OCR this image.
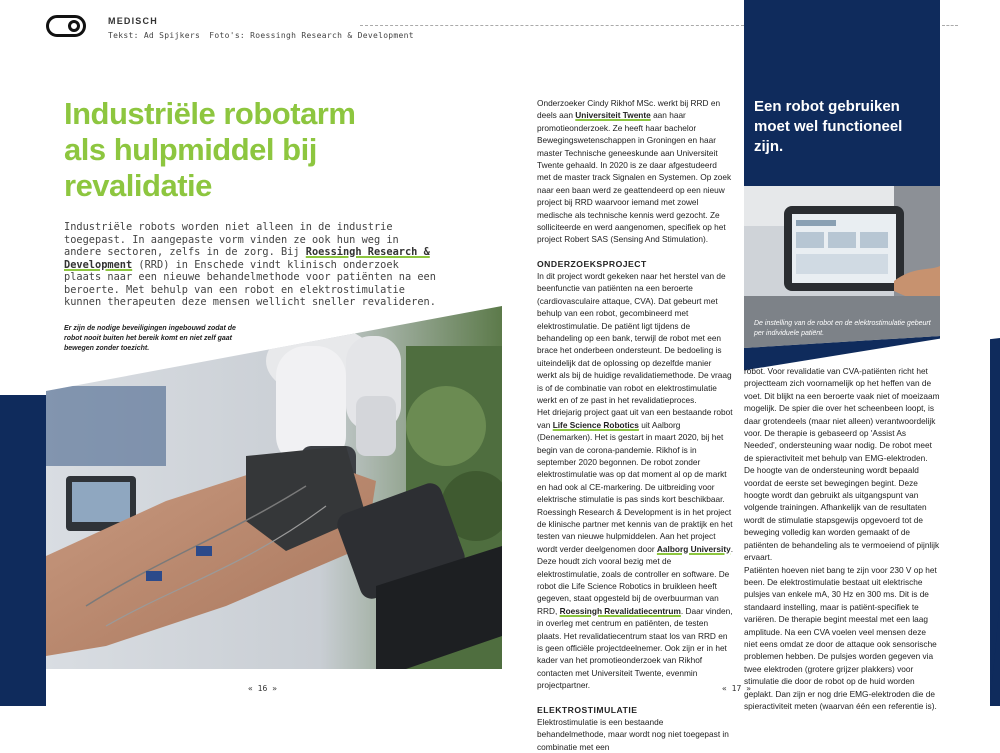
MEDISCH
Tekst: Ad Spijkers Foto's: Roessingh Research & Development
Industriële robotarm als hulpmiddel bij revalidatie

Industriële robots worden niet alleen in de industrie toegepast. In aangepaste vorm vinden ze ook hun weg in andere sectoren, zelfs in de zorg. Bij Roessingh Research & Development (RRD) in Enschede vindt klinisch onderzoek plaats naar een nieuwe behandelmethode voor patiënten na een beroerte. Met behulp van een robot en elektrostimulatie kunnen therapeuten deze mensen wellicht sneller revalideren.

Er zijn de nodige beveiligingen ingebouwd zodat de robot nooit buiten het bereik komt en niet zelf gaat bewegen zonder toezicht.

Onderzoeker Cindy Rikhof MSc. werkt bij RRD en deels aan Universiteit Twente aan haar promotieonderzoek. Ze heeft haar bachelor Bewegingswetenschappen in Groningen en haar master Technische geneeskunde aan Universiteit Twente gehaald. In 2020 is ze daar afgestudeerd met de master track Signalen en Systemen. Op zoek naar een baan werd ze geattendeerd op een nieuw project bij RRD waarvoor iemand met zowel medische als technische kennis werd gezocht. Ze solliciteerde en werd aangenomen, specifiek op het project Robert SAS (Sensing And Stimulation).

ONDERZOEKSPROJECT

In dit project wordt gekeken naar het herstel van de beenfunctie van patiënten na een beroerte (cardiovasculaire attaque, CVA). Dat gebeurt met behulp van een robot, gecombineerd met elektrostimulatie. De patiënt ligt tijdens de behandeling op een bank, terwijl de robot met een brace het onderbeen ondersteunt. De bedoeling is uiteindelijk dat de oplossing op dezelfde manier werkt als bij de huidige revalidatiemethode. De vraag is of de combinatie van robot en elektrostimulatie werkt en of ze past in het revalidatieproces.

Het driejarig project gaat uit van een bestaande robot van Life Science Robotics uit Aalborg (Denemarken). Het is gestart in maart 2020, bij het begin van de corona-pandemie. Rikhof is in september 2020 begonnen. De robot zonder elektrostimulatie was op dat moment al op de markt en had ook al CE-markering. De uitbreiding voor elektrische stimulatie is pas sinds kort beschikbaar. Roessingh Research & Development is in het project de klinische partner met kennis van de praktijk en het testen van nieuwe hulpmiddelen. Aan het project wordt verder deelgenomen door Aalborg University. Deze houdt zich vooral bezig met de elektrostimulatie, zoals de controller en software. De robot die Life Science Robotics in bruikleen heeft gegeven, staat opgesteld bij de overbuurman van RRD, Roessingh Revalidatiecentrum. Daar vinden, in overleg met centrum en patiënten, de testen plaats. Het revalidatiecentrum staat los van RRD en is geen officiële projectdeelnemer. Ook zijn er in het kader van het promotieonderzoek van Rikhof contacten met Universiteit Twente, evenmin projectpartner.

ELEKTROSTIMULATIE

Elektrostimulatie is een bestaande behandelmethode, maar wordt nog niet toegepast in combinatie met een

Een robot gebruiken moet wel functioneel zijn.

De instelling van de robot en de elektrostimulatie gebeurt per individuele patiënt.

robot. Voor revalidatie van CVA-patiënten richt het projectteam zich voornamelijk op het heffen van de voet. Dit blijkt na een beroerte vaak niet of moeizaam mogelijk. De spier die over het scheenbeen loopt, is daar grotendeels (maar niet alleen) verantwoordelijk voor. De therapie is gebaseerd op 'Assist As Needed', ondersteuning waar nodig. De robot meet de spieractiviteit met behulp van EMG-elektroden. De hoogte van de ondersteuning wordt bepaald voordat de eerste set bewegingen begint. Deze hoogte wordt dan gebruikt als uitgangspunt van volgende trainingen. Afhankelijk van de resultaten wordt de stimulatie stapsgewijs opgevoerd tot de beweging volledig kan worden gemaakt of de patiënten de behandeling als te vermoeiend of pijnlijk ervaart.

Patiënten hoeven niet bang te zijn voor 230 V op het been. De elektrostimulatie bestaat uit elektrische pulsjes van enkele mA, 30 Hz en 300 ms. Dit is de standaard instelling, maar is patiënt-specifiek te variëren. De therapie begint meestal met een laag amplitude. Na een CVA voelen veel mensen deze niet eens omdat ze door de attaque ook sensorische problemen hebben. De pulsjes worden gegeven via twee elektroden (grotere grijzer plakkers) voor stimulatie die door de robot op de huid worden geplakt. Dan zijn er nog drie EMG-elektroden die de spieractiviteit meten (waarvan één een referentie is).

« 16 »	« 17 »
